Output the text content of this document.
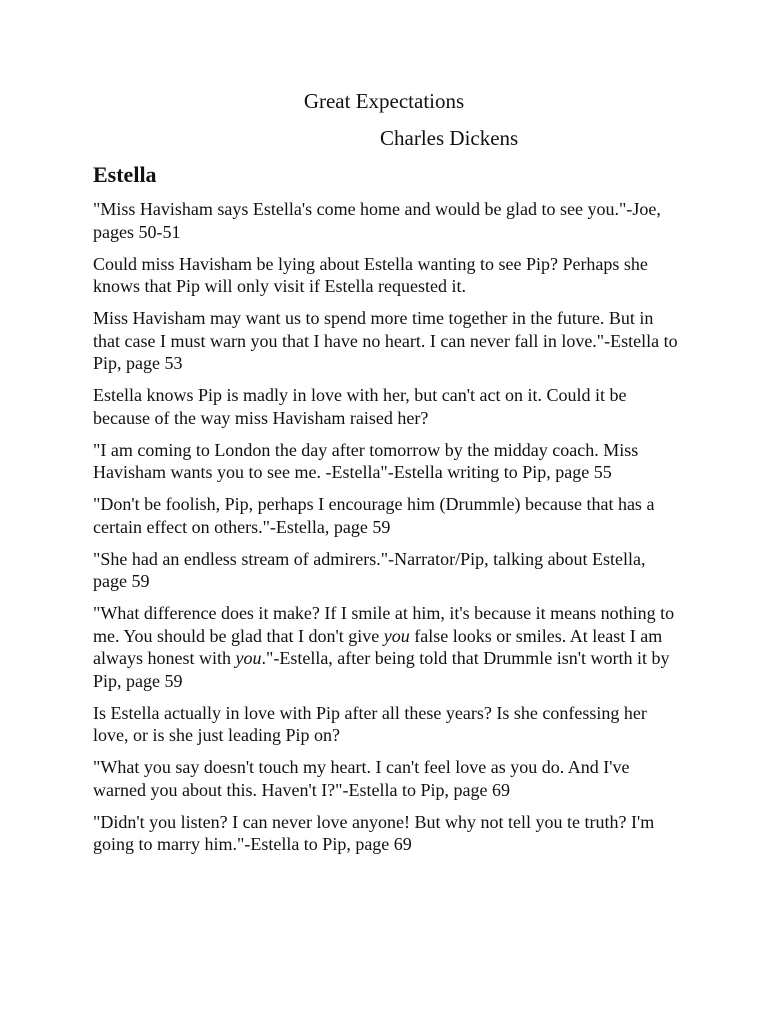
Great Expectations
Charles Dickens
Estella

"Miss Havisham says Estella's come home and would be glad to see you."-Joe, pages 50-51

Could miss Havisham be lying about Estella wanting to see Pip? Perhaps she knows that Pip will only visit if Estella requested it.

Miss Havisham may want us to spend more time together in the future. But in that case I must warn you that I have no heart. I can never fall in love."-Estella to Pip, page 53

Estella knows Pip is madly in love with her, but can't act on it. Could it be because of the way miss Havisham raised her?

"I am coming to London the day after tomorrow by the midday coach. Miss Havisham wants you to see me. -Estella"-Estella writing to Pip, page 55

"Don't be foolish, Pip, perhaps I encourage him (Drummle) because that has a certain effect on others."-Estella, page 59

"She had an endless stream of admirers."-Narrator/Pip, talking about Estella, page 59

"What difference does it make? If I smile at him, it's because it means nothing to me. You should be glad that I don't give you false looks or smiles. At least I am always honest with you."-Estella, after being told that Drummle isn't worth it by Pip, page 59

Is Estella actually in love with Pip after all these years? Is she confessing her love, or is she just leading Pip on?

"What you say doesn't touch my heart. I can't feel love as you do. And I've warned you about this. Haven't I?"-Estella to Pip, page 69

"Didn't you listen? I can never love anyone! But why not tell you te truth? I'm going to marry him."-Estella to Pip, page 69
